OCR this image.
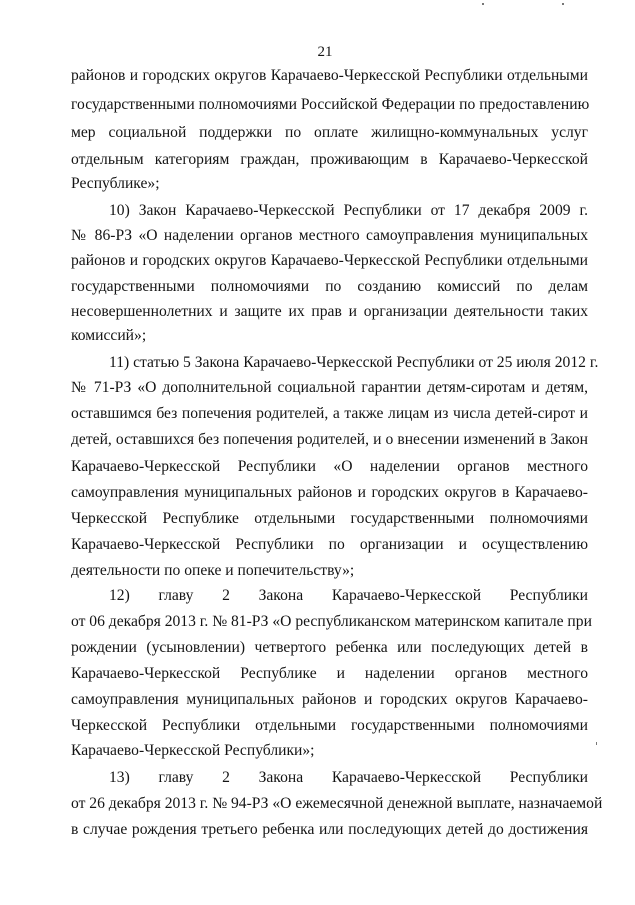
21
районов и городских округов Карачаево-Черкесской Республики отдельными
государственными полномочиями Российской Федерации по предоставлению
мер социальной поддержки по оплате жилищно-коммунальных услуг
отдельным категориям граждан, проживающим в Карачаево-Черкесской
Республике»;
10) Закон Карачаево-Черкесской Республики от 17 декабря 2009 г.
№ 86-РЗ «О наделении органов местного самоуправления муниципальных
районов и городских округов Карачаево-Черкесской Республики отдельными
государственными полномочиями по созданию комиссий по делам
несовершеннолетних и защите их прав и организации деятельности таких
комиссий»;
11) статью 5 Закона Карачаево-Черкесской Республики от 25 июля 2012 г.
№ 71-РЗ «О дополнительной социальной гарантии детям-сиротам и детям,
оставшимся без попечения родителей, а также лицам из числа детей-сирот и
детей, оставшихся без попечения родителей, и о внесении изменений в Закон
Карачаево-Черкесской Республики «О наделении органов местного
самоуправления муниципальных районов и городских округов в Карачаево-
Черкесской Республике отдельными государственными полномочиями
Карачаево-Черкесской Республики по организации и осуществлению
деятельности по опеке и попечительству»;
12) главу 2 Закона Карачаево-Черкесской Республики
от 06 декабря 2013 г. № 81-РЗ «О республиканском материнском капитале при
рождении (усыновлении) четвертого ребенка или последующих детей в
Карачаево-Черкесской Республике и наделении органов местного
самоуправления муниципальных районов и городских округов Карачаево-
Черкесской Республики отдельными государственными полномочиями
Карачаево-Черкесской Республики»;
13) главу 2 Закона Карачаево-Черкесской Республики
от 26 декабря 2013 г. № 94-РЗ «О ежемесячной денежной выплате, назначаемой
в случае рождения третьего ребенка или последующих детей до достижения
